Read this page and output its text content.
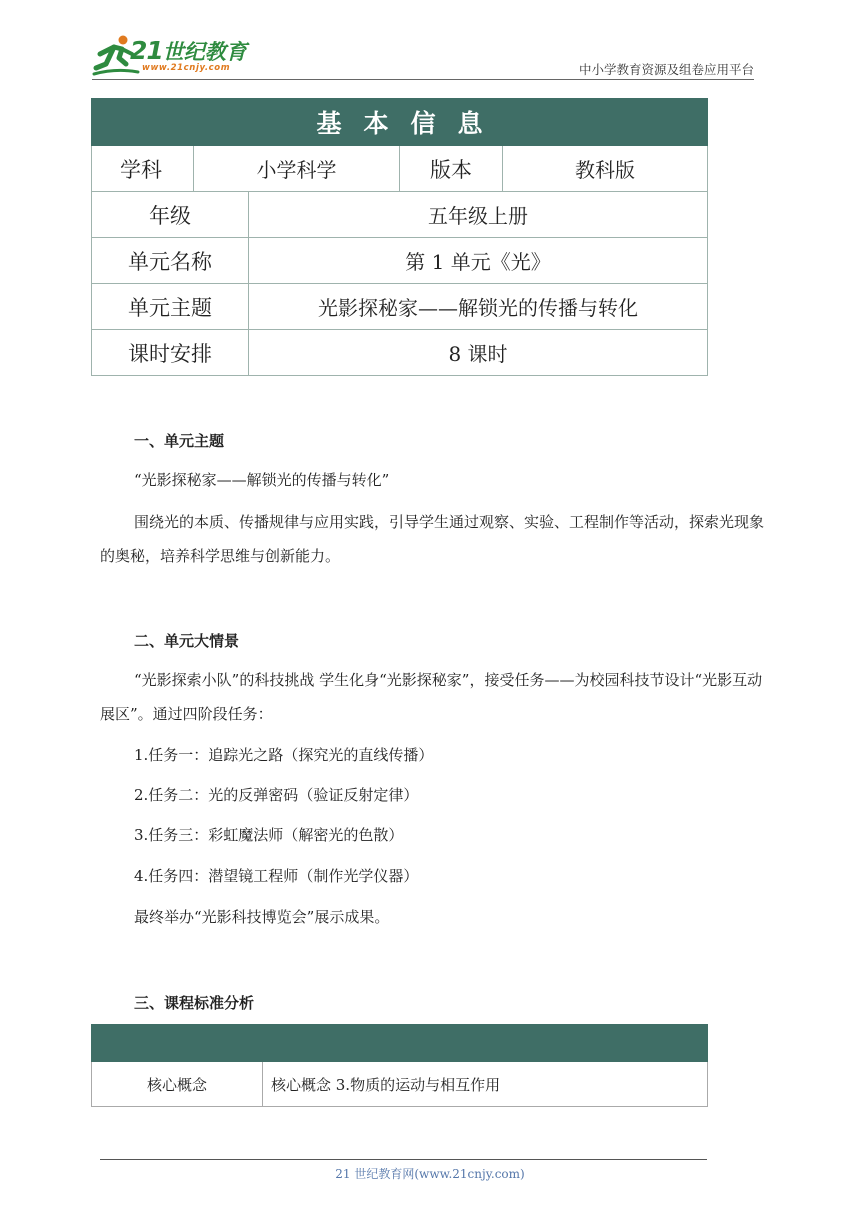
21世纪教育
www.21cnjy.com	中小学教育资源及组卷应用平台
基本信息				
学科	小学科学		版本	教科版
年级		五年级上册		
单元名称		第 1 单元《光》		
单元主题		光影探秘家——解锁光的传播与转化		
课时安排		8 课时		
一、单元主题
“光影探秘家——解锁光的传播与转化”
围绕光的本质、传播规律与应用实践，引导学生通过观察、实验、工程制作等活动，探索光现象的奥秘，培养科学思维与创新能力。
二、单元大情景
“光影探索小队”的科技挑战 学生化身“光影探秘家”，接受任务——为校园科技节设计“光影互动展区”。通过四阶段任务：
1.任务一：追踪光之路（探究光的直线传播）
2.任务二：光的反弹密码（验证反射定律）
3.任务三：彩虹魔法师（解密光的色散）
4.任务四：潜望镜工程师（制作光学仪器）
最终举办“光影科技博览会”展示成果。
三、课程标准分析

核心概念	核心概念 3.物质的运动与相互作用
21 世纪教育网(www.21cnjy.com)
